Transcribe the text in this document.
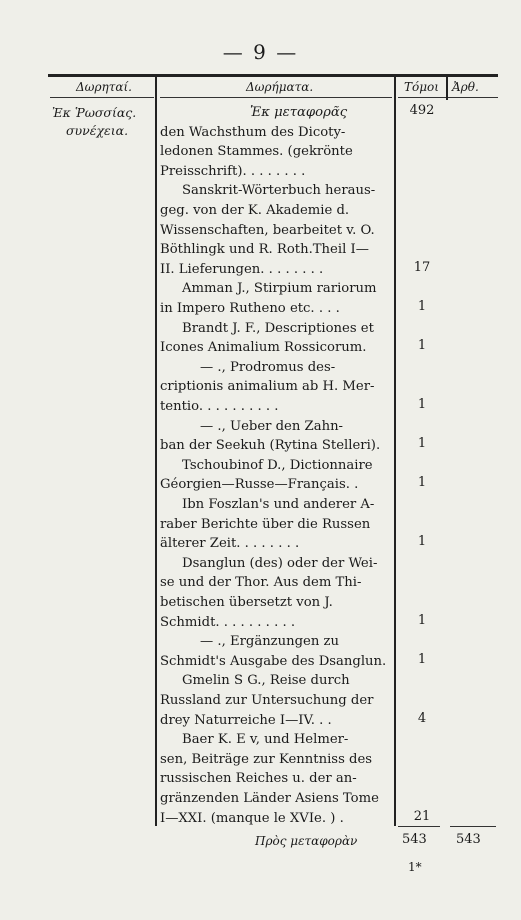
— 9 —
Δωρηταί.	Δωρήματα.	Τόμοι Ἀρθ.
Ἐκ Ῥωσσίας.
συνέχεια.
Ἐκ μεταφορᾶς	492
den Wachsthum des Dicoty-
ledonen Stammes. (gekrönte
Preisschrift). . . . . . . .
Sanskrit-Wörterbuch heraus-
geg. von der K. Akademie d.
Wissenschaften, bearbeitet v. O.
Böthlingk und R. Roth.Theil I—
II. Lieferungen. . . . . . . .	17
Amman J., Stirpium rariorum
in Impero Rutheno etc. . . .	1
Brandt J. F., Descriptiones et
Icones Animalium Rossicorum.	1
— ., Prodromus des-
criptionis animalium ab H. Mer-
tentio. . . . . . . . . .	1
— ., Ueber den Zahn-
ban der Seekuh (Rytina Stelleri).	1
Tschoubinof D., Dictionnaire
Géorgien—Russe—Français. .	1
Ibn Foszlan's und anderer A-
raber Berichte über die Russen
älterer Zeit. . . . . . . .	1
Dsanglun (des) oder der Wei-
se und der Thor. Aus dem Thi-
betischen übersetzt von J.
Schmidt. . . . . . . . . .	1
— ., Ergänzungen zu
Schmidt's Ausgabe des Dsanglun.	1
Gmelin S G., Reise durch
Russland zur Untersuchung der
drey Naturreiche I—IV. . .	4
Baer K. E v, und Helmer-
sen, Beiträge zur Kenntniss des
russischen Reiches u. der an-
gränzenden Länder Asiens Tome
I—XXI. (manque le XVIe. ) .	21
Πρὸς μεταφορὰν	543 543
1*
